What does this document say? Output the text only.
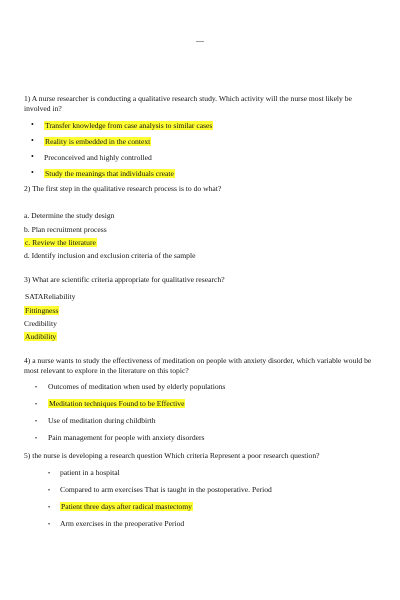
—
1) A nurse researcher is conducting a qualitative research study. Which activity will the nurse most likely be involved in?
• Transfer knowledge from case analysis to similar cases
• Reality is embedded in the context
• Preconceived and highly controlled
• Study the meanings that individuals create
2) The first step in the qualitative research process is to do what?
a. Determine the study design
b. Plan recruitment process
c. Review the literature
d. Identify inclusion and exclusion criteria of the sample
3) What are scientific criteria appropriate for qualitative research?
SATAReliability
Fittingness
Credibility
Audibility
4) a nurse wants to study the effectiveness of meditation on people with anxiety disorder, which variable would be most relevant to explore in the literature on this topic?
• Outcomes of meditation when used by elderly populations
• Meditation techniques Found to be Effective
• Use of meditation during childbirth
• Pain management for people with anxiety disorders
5) the nurse is developing a research question Which criteria Represent a poor research question?
• patient in a hospital
• Compared to arm exercises That is taught in the postoperative. Period
• Patient three days after radical mastectomy
• Arm exercises in the preoperative Period
